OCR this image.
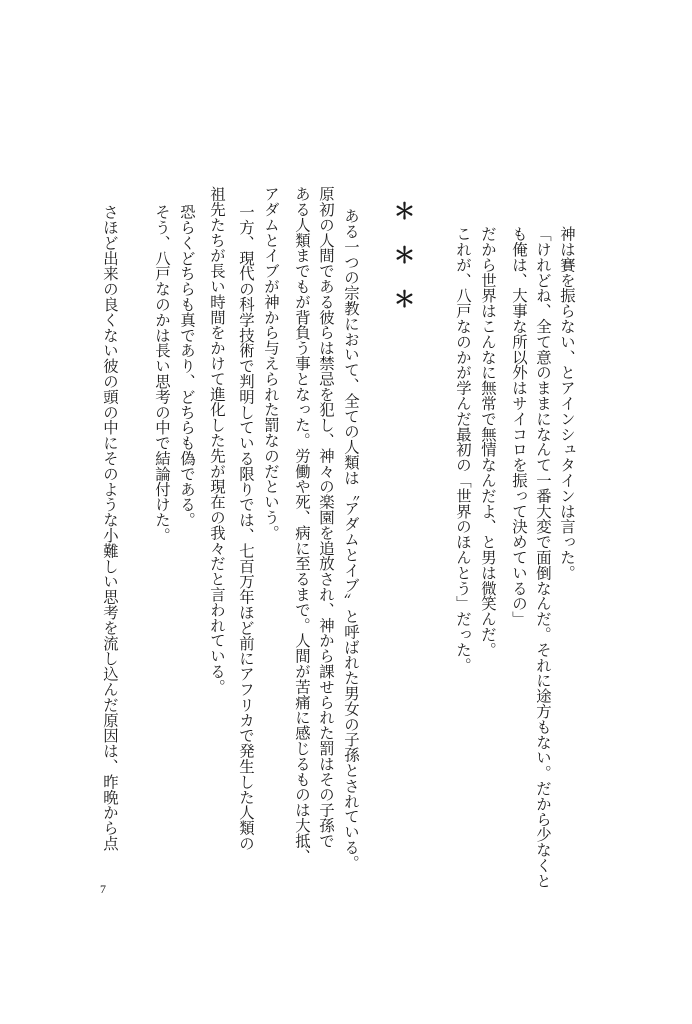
神は賽を振らない、とアインシュタインは言った。
「けれどね、全て意のままになんて一番大変で面倒なんだ。それに途方もない。だから少なくと
も俺は、大事な所以外はサイコロを振って決めているの」
だから世界はこんなに無常で無情なんだよ、と男は微笑んだ。
これが、八戸なのかが学んだ最初の「世界のほんとう」だった。
＊＊＊
ある一つの宗教において、全ての人類は〝アダムとイブ〟と呼ばれた男女の子孫とされている。
原初の人間である彼らは禁忌を犯し、神々の楽園を追放され、神から課せられた罰はその子孫で
ある人類までもが背負う事となった。労働や死、病に至るまで。人間が苦痛に感じるものは大抵、
アダムとイブが神から与えられた罰なのだという。
一方、現代の科学技術で判明している限りでは、七百万年ほど前にアフリカで発生した人類の
祖先たちが長い時間をかけて進化した先が現在の我々だと言われている。
恐らくどちらも真であり、どちらも偽である。
そう、八戸なのかは長い思考の中で結論付けた。
さほど出来の良くない彼の頭の中にそのような小難しい思考を流し込んだ原因は、昨晩から点
7
